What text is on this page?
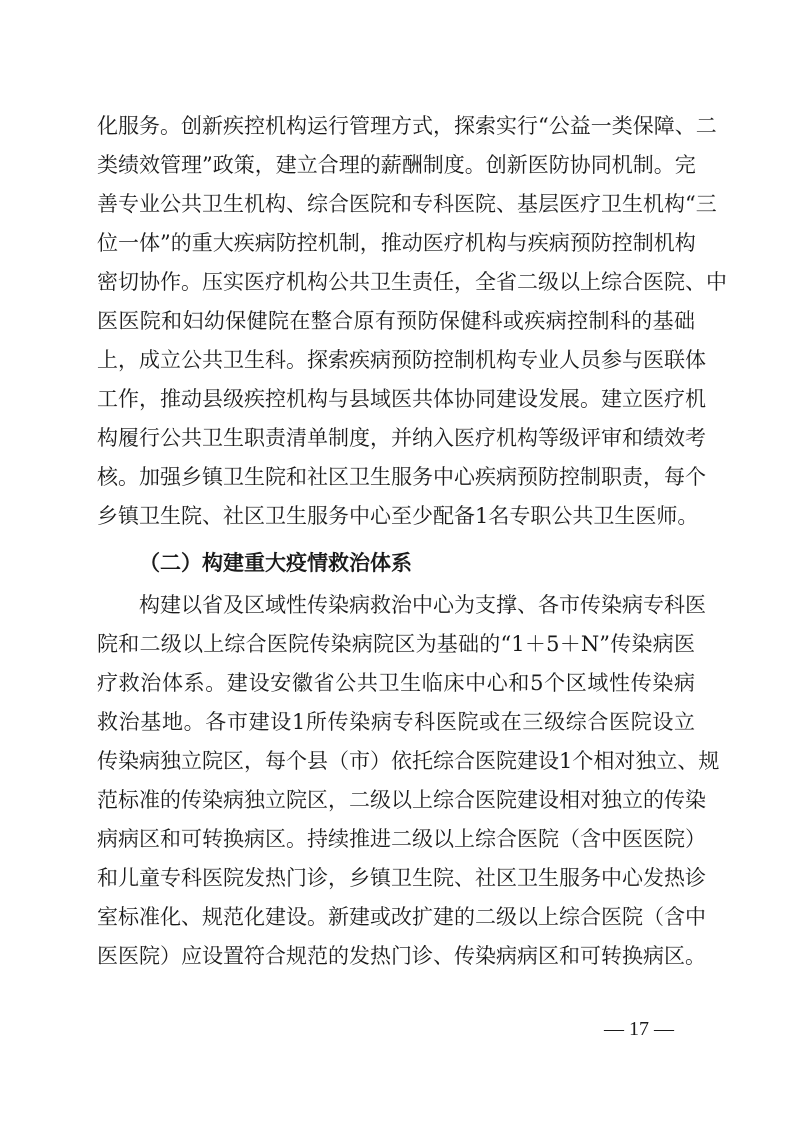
化服务。创新疾控机构运行管理方式，探索实行“公益一类保障、二
类绩效管理”政策，建立合理的薪酬制度。创新医防协同机制。完
善专业公共卫生机构、综合医院和专科医院、基层医疗卫生机构“三
位一体”的重大疾病防控机制，推动医疗机构与疾病预防控制机构
密切协作。压实医疗机构公共卫生责任，全省二级以上综合医院、中
医医院和妇幼保健院在整合原有预防保健科或疾病控制科的基础
上，成立公共卫生科。探索疾病预防控制机构专业人员参与医联体
工作，推动县级疾控机构与县域医共体协同建设发展。建立医疗机
构履行公共卫生职责清单制度，并纳入医疗机构等级评审和绩效考
核。加强乡镇卫生院和社区卫生服务中心疾病预防控制职责，每个
乡镇卫生院、社区卫生服务中心至少配备1名专职公共卫生医师。
（二）构建重大疫情救治体系
　　构建以省及区域性传染病救治中心为支撑、各市传染病专科医
院和二级以上综合医院传染病院区为基础的“1＋5＋N”传染病医
疗救治体系。建设安徽省公共卫生临床中心和5个区域性传染病
救治基地。各市建设1所传染病专科医院或在三级综合医院设立
传染病独立院区，每个县（市）依托综合医院建设1个相对独立、规
范标准的传染病独立院区，二级以上综合医院建设相对独立的传染
病病区和可转换病区。持续推进二级以上综合医院（含中医医院）
和儿童专科医院发热门诊，乡镇卫生院、社区卫生服务中心发热诊
室标准化、规范化建设。新建或改扩建的二级以上综合医院（含中
医医院）应设置符合规范的发热门诊、传染病病区和可转换病区。
— 17 —
